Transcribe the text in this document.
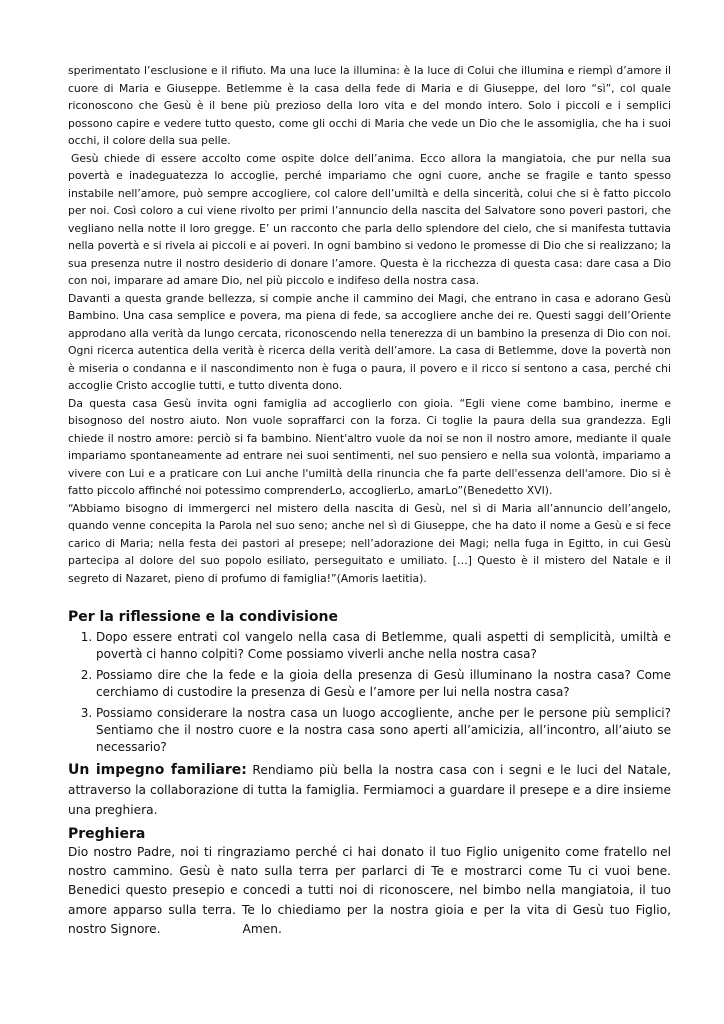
sperimentato l’esclusione e il rifiuto. Ma una luce la illumina: è la luce di Colui che illumina e riempì d’amore il cuore di Maria e Giuseppe. Betlemme è la casa della fede di Maria e di Giuseppe, del loro “sì”, col quale riconoscono che Gesù è il bene più prezioso della loro vita e del mondo intero. Solo i piccoli e i semplici possono capire e vedere tutto questo, come gli occhi di Maria che vede un Dio che le assomiglia, che ha i suoi occhi, il colore della sua pelle.

Gesù chiede di essere accolto come ospite dolce dell’anima. Ecco allora la mangiatoia, che pur nella sua povertà e inadeguatezza lo accoglie, perché impariamo che ogni cuore, anche se fragile e tanto spesso instabile nell’amore, può sempre accogliere, col calore dell’umiltà e della sincerità, colui che si è fatto piccolo per noi. Così coloro a cui viene rivolto per primi l’annuncio della nascita del Salvatore sono poveri pastori, che vegliano nella notte il loro gregge. E’ un racconto che parla dello splendore del cielo, che si manifesta tuttavia nella povertà e si rivela ai piccoli e ai poveri. In ogni bambino si vedono le promesse di Dio che si realizzano; la sua presenza nutre il nostro desiderio di donare l’amore. Questa è la ricchezza di questa casa: dare casa a Dio con noi, imparare ad amare Dio, nel più piccolo e indifeso della nostra casa.

Davanti a questa grande bellezza, si compie anche il cammino dei Magi, che entrano in casa e adorano Gesù Bambino. Una casa semplice e povera, ma piena di fede, sa accogliere anche dei re. Questi saggi dell’Oriente approdano alla verità da lungo cercata, riconoscendo nella tenerezza di un bambino la presenza di Dio con noi. Ogni ricerca autentica della verità è ricerca della verità dell’amore. La casa di Betlemme, dove la povertà non è miseria o condanna e il nascondimento non è fuga o paura, il povero e il ricco si sentono a casa, perché chi accoglie Cristo accoglie tutti, e tutto diventa dono.

Da questa casa Gesù invita ogni famiglia ad accoglierlo con gioia. “Egli viene come bambino, inerme e bisognoso del nostro aiuto. Non vuole sopraffarci con la forza. Ci toglie la paura della sua grandezza. Egli chiede il nostro amore: perciò si fa bambino. Nient'altro vuole da noi se non il nostro amore, mediante il quale impariamo spontaneamente ad entrare nei suoi sentimenti, nel suo pensiero e nella sua volontà, impariamo a vivere con Lui e a praticare con Lui anche l'umiltà della rinuncia che fa parte dell'essenza dell'amore. Dio si è fatto piccolo affinché noi potessimo comprenderLo, accoglierLo, amarLo”(Benedetto XVI).

“Abbiamo bisogno di immergerci nel mistero della nascita di Gesù, nel sì di Maria all’annuncio dell’angelo, quando venne concepita la Parola nel suo seno; anche nel sì di Giuseppe, che ha dato il nome a Gesù e si fece carico di Maria; nella festa dei pastori al presepe; nell’adorazione dei Magi; nella fuga in Egitto, in cui Gesù partecipa al dolore del suo popolo esiliato, perseguitato e umiliato. […] Questo è il mistero del Natale e il segreto di Nazaret, pieno di profumo di famiglia!”(Amoris laetitia).

Per la riflessione e la condivisione
1. Dopo essere entrati col vangelo nella casa di Betlemme, quali aspetti di semplicità, umiltà e povertà ci hanno colpiti? Come possiamo viverli anche nella nostra casa?
2. Possiamo dire che la fede e la gioia della presenza di Gesù illuminano la nostra casa? Come cerchiamo di custodire la presenza di Gesù e l’amore per lui nella nostra casa?
3. Possiamo considerare la nostra casa un luogo accogliente, anche per le persone più semplici? Sentiamo che il nostro cuore e la nostra casa sono aperti all’amicizia, all’incontro, all’aiuto se necessario?

Un impegno familiare: Rendiamo più bella la nostra casa con i segni e le luci del Natale, attraverso la collaborazione di tutta la famiglia. Fermiamoci a guardare il presepe e a dire insieme una preghiera.

Preghiera

Dio nostro Padre, noi ti ringraziamo perché ci hai donato il tuo Figlio unigenito come fratello nel nostro cammino. Gesù è nato sulla terra per parlarci di Te e mostrarci come Tu ci vuoi bene. Benedici questo presepio e concedi a tutti noi di riconoscere, nel bimbo nella mangiatoia, il tuo amore apparso sulla terra. Te lo chiediamo per la nostra gioia e per la vita di Gesù tuo Figlio, nostro Signore.	Amen.
